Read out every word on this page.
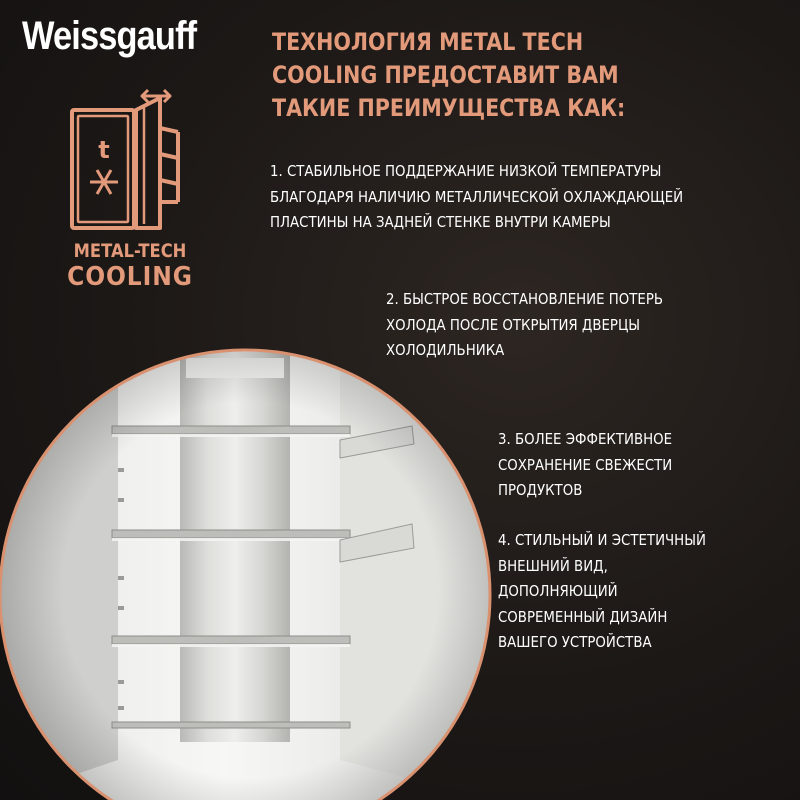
Weissgauff	ТЕХНОЛОГИЯ METAL TECH
COOLING ПРЕДОСТАВИТ ВАМ
ТАКИЕ ПРЕИМУЩЕСТВА КАК:
t
METAL-TECH
COOLING
1. СТАБИЛЬНОЕ ПОДДЕРЖАНИЕ НИЗКОЙ ТЕМПЕРАТУРЫ
БЛАГОДАРЯ НАЛИЧИЮ МЕТАЛЛИЧЕСКОЙ ОХЛАЖДАЮЩЕЙ
ПЛАСТИНЫ НА ЗАДНЕЙ СТЕНКЕ ВНУТРИ КАМЕРЫ
2. БЫСТРОЕ ВОССТАНОВЛЕНИЕ ПОТЕРЬ
ХОЛОДА ПОСЛЕ ОТКРЫТИЯ ДВЕРЦЫ
ХОЛОДИЛЬНИКА
3. БОЛЕЕ ЭФФЕКТИВНОЕ
СОХРАНЕНИЕ СВЕЖЕСТИ
ПРОДУКТОВ
4. СТИЛЬНЫЙ И ЭСТЕТИЧНЫЙ
ВНЕШНИЙ ВИД,
ДОПОЛНЯЮЩИЙ
СОВРЕМЕННЫЙ ДИЗАЙН
ВАШЕГО УСТРОЙСТВА
